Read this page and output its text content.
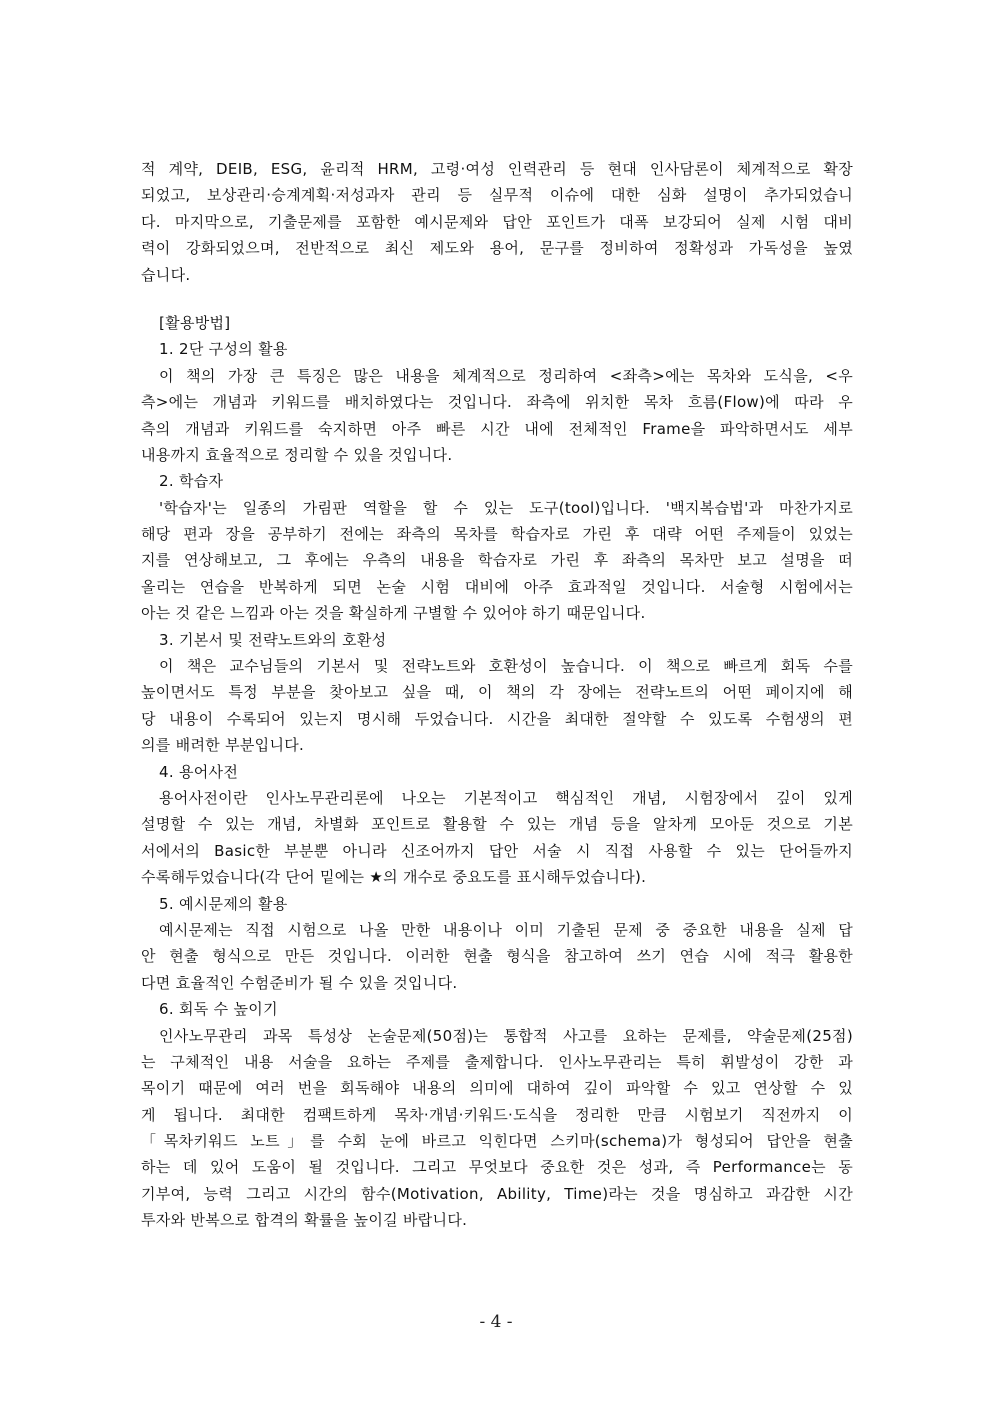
적 계약, DEIB, ESG, 윤리적 HRM, 고령·여성 인력관리 등 현대 인사담론이 체계적으로 확장
되었고, 보상관리·승계계획·저성과자 관리 등 실무적 이슈에 대한 심화 설명이 추가되었습니
다. 마지막으로, 기출문제를 포함한 예시문제와 답안 포인트가 대폭 보강되어 실제 시험 대비
력이 강화되었으며, 전반적으로 최신 제도와 용어, 문구를 정비하여 정확성과 가독성을 높였
습니다.
[활용방법]
1. 2단 구성의 활용
이 책의 가장 큰 특징은 많은 내용을 체계적으로 정리하여 <좌측>에는 목차와 도식을, <우
측>에는 개념과 키워드를 배치하였다는 것입니다. 좌측에 위치한 목차 흐름(Flow)에 따라 우
측의 개념과 키워드를 숙지하면 아주 빠른 시간 내에 전체적인 Frame을 파악하면서도 세부
내용까지 효율적으로 정리할 수 있을 것입니다.
2. 학습자
'학습자'는 일종의 가림판 역할을 할 수 있는 도구(tool)입니다. '백지복습법'과 마찬가지로
해당 편과 장을 공부하기 전에는 좌측의 목차를 학습자로 가린 후 대략 어떤 주제들이 있었는
지를 연상해보고, 그 후에는 우측의 내용을 학습자로 가린 후 좌측의 목차만 보고 설명을 떠
올리는 연습을 반복하게 되면 논술 시험 대비에 아주 효과적일 것입니다. 서술형 시험에서는
아는 것 같은 느낌과 아는 것을 확실하게 구별할 수 있어야 하기 때문입니다.
3. 기본서 및 전략노트와의 호환성
이 책은 교수님들의 기본서 및 전략노트와 호환성이 높습니다. 이 책으로 빠르게 회독 수를
높이면서도 특정 부분을 찾아보고 싶을 때, 이 책의 각 장에는 전략노트의 어떤 페이지에 해
당 내용이 수록되어 있는지 명시해 두었습니다. 시간을 최대한 절약할 수 있도록 수험생의 편
의를 배려한 부분입니다.
4. 용어사전
용어사전이란 인사노무관리론에 나오는 기본적이고 핵심적인 개념, 시험장에서 깊이 있게
설명할 수 있는 개념, 차별화 포인트로 활용할 수 있는 개념 등을 알차게 모아둔 것으로 기본
서에서의 Basic한 부분뿐 아니라 신조어까지 답안 서술 시 직접 사용할 수 있는 단어들까지
수록해두었습니다(각 단어 밑에는 ★의 개수로 중요도를 표시해두었습니다).
5. 예시문제의 활용
예시문제는 직접 시험으로 나올 만한 내용이나 이미 기출된 문제 중 중요한 내용을 실제 답
안 현출 형식으로 만든 것입니다. 이러한 현출 형식을 참고하여 쓰기 연습 시에 적극 활용한
다면 효율적인 수험준비가 될 수 있을 것입니다.
6. 회독 수 높이기
인사노무관리 과목 특성상 논술문제(50점)는 통합적 사고를 요하는 문제를, 약술문제(25점)
는 구체적인 내용 서술을 요하는 주제를 출제합니다. 인사노무관리는 특히 휘발성이 강한 과
목이기 때문에 여러 번을 회독해야 내용의 의미에 대하여 깊이 파악할 수 있고 연상할 수 있
게 됩니다. 최대한 컴팩트하게 목차·개념·키워드·도식을 정리한 만큼 시험보기 직전까지 이
「목차키워드 노트」를 수회 눈에 바르고 익힌다면 스키마(schema)가 형성되어 답안을 현출
하는 데 있어 도움이 될 것입니다. 그리고 무엇보다 중요한 것은 성과, 즉 Performance는 동
기부여, 능력 그리고 시간의 함수(Motivation, Ability, Time)라는 것을 명심하고 과감한 시간
투자와 반복으로 합격의 확률을 높이길 바랍니다.
- 4 -
